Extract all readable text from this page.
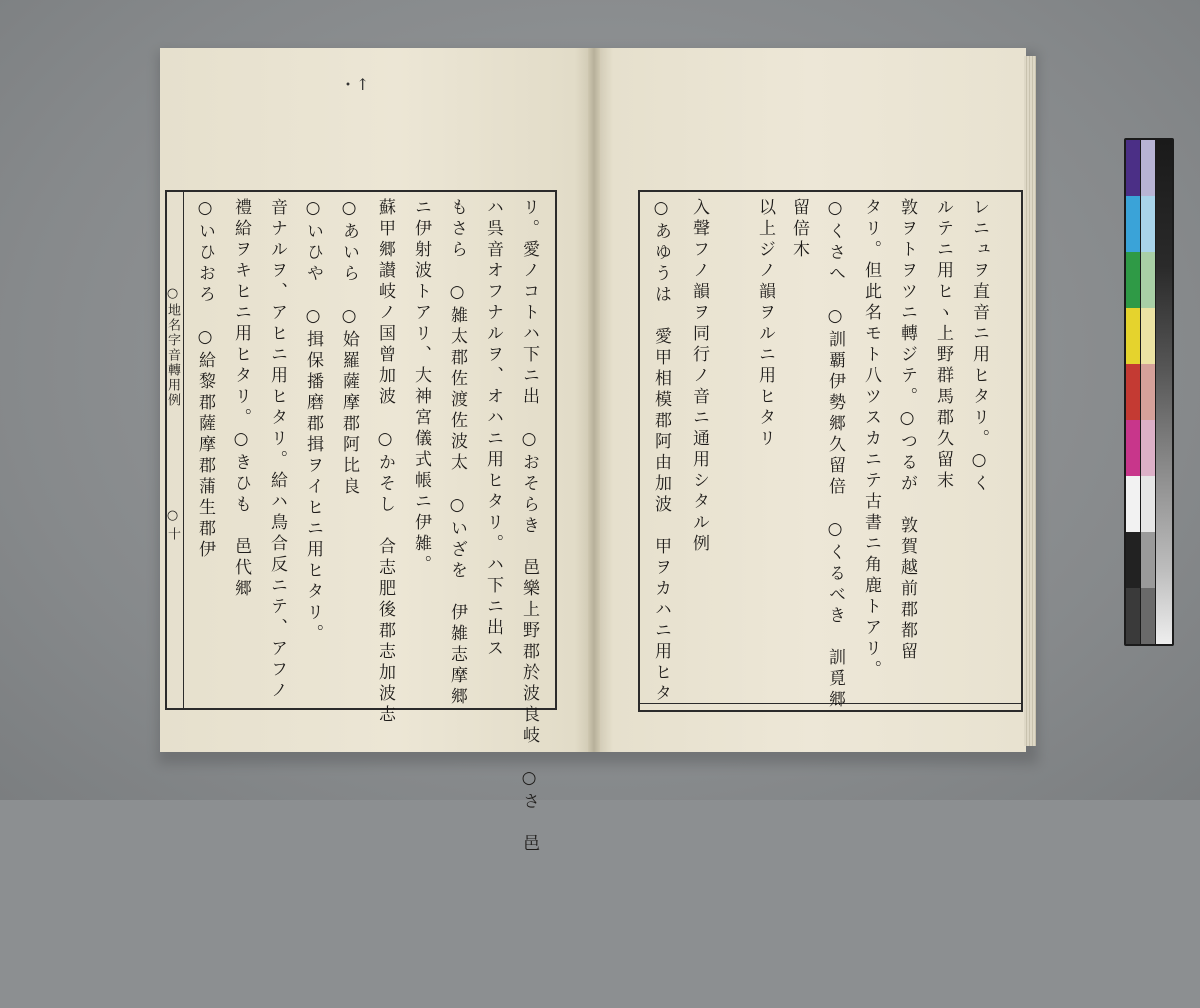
・↑
○地名字音轉用例
○十 ○いひおろ　○給黎郡薩摩郡蒲生郡伊 禮給ヲキヒニ用ヒタリ。○きひも　邑代郷 音ナルヲ、アヒニ用ヒタリ。給ハ鳥合反ニテ、アフノ ○いひや　○揖保播磨郡揖ヲイヒニ用ヒタリ。 ○あいら　○姶羅薩摩郡阿比良 蘇甲郷讃岐ノ国曾加波　○かそし　合志肥後郡志加波志 ニ伊射波トアリ、大神宮儀式帳ニ伊雑。 もさら　○雑太郡佐渡佐波太　○いざを　伊雑志摩郷 ハ呉音オフナルヲ、オハニ用ヒタリ。ハ下ニ出ス リ。愛ノコトハ下ニ出　○おそらき　邑樂上野郡於波良岐　○さ　邑	○あゆうは　愛甲相模郡阿由加波　甲ヲカハニ用ヒタ 入聲フノ韻ヲ同行ノ音ニ通用シタル例	以上ジノ韻ヲルニ用ヒタリ 留倍木 ○くさへ　○訓覇伊勢郷久留倍　○くるべき　訓覓郷 タリ。但此名モト八ツスカニテ古書ニ角鹿トアリ。 敦ヲトヲツニ轉ジテ。○つるが　敦賀越前郡都留 ルテニ用ヒヽ上野群馬郡久留末 レニュヲ直音ニ用ヒタリ。○く
